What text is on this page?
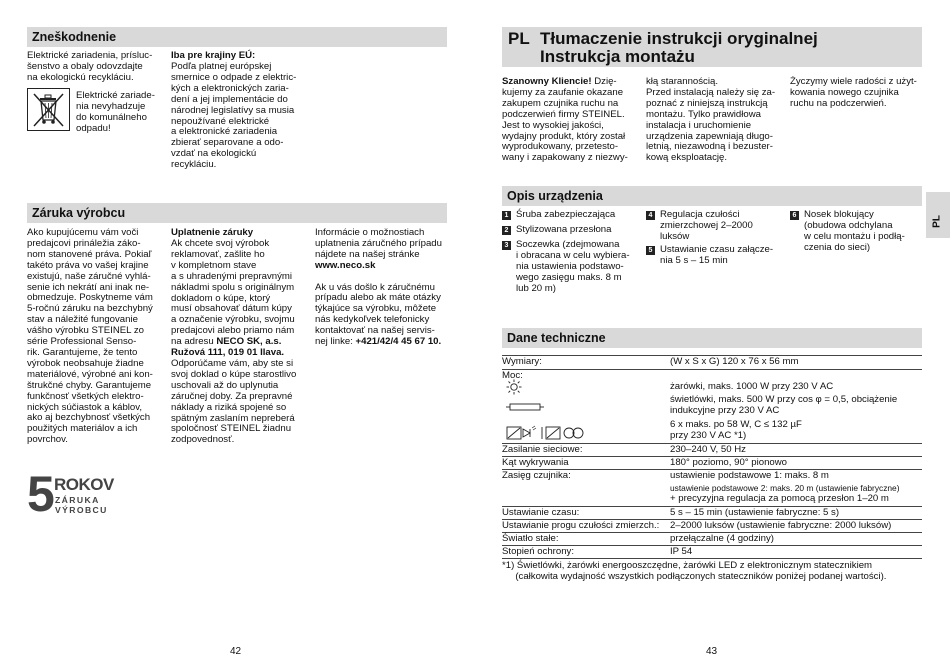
Zneškodnenie
Elektrické zariadenia, prísluc-
šenstvo a obaly odovzdajte
na ekologickú recykláciu.
Elektrické zariade-
nia nevyhadzuje
do komunálneho
odpadu!
Iba pre krajiny EÚ:
Podľa platnej európskej
smernice o odpade z elektric-
kých a elektronických zaria-
dení a jej implementácie do
národnej legislatívy sa musia
nepoužívané elektrické
a elektronické zariadenia
zbierať separovane a odo-
vzdať na ekologickú
recykláciu.
Záruka výrobcu
Ako kupujúcemu vám voči
predajcovi prináležia záko-
nom stanovené práva. Pokiaľ
takéto práva vo vašej krajine
existujú, naše záručné vyhlá-
senie ich nekrátí ani inak ne-
obmedzuje. Poskytneme vám
5-ročnú záruku na bezchybný
stav a náležité fungovanie
vášho výrobku STEINEL zo
série Professional Senso-
rik. Garantujeme, že tento
výrobok neobsahuje žiadne
materiálové, výrobné ani kon-
štrukčné chyby. Garantujeme
funkčnosť všetkých elektro-
nických súčiastok a káblov,
ako aj bezchybnosť všetkých
použitých materiálov a ich
povrchov.
Uplatnenie záruky
Ak chcete svoj výrobok
reklamovať, zašlite ho
v kompletnom stave
a s uhradenými prepravnými
nákladmi spolu s originálnym
dokladom o kúpe, ktorý
musí obsahovať dátum kúpy
a označenie výrobku, svojmu
predajcovi alebo priamo nám
na adresu NECO SK, a.s.
Ružová 111, 019 01 Ilava.
Odporúčame vám, aby ste si
svoj doklad o kúpe starostlivo
uschovali až do uplynutia
záručnej doby. Za prepravné
náklady a riziká spojené so
spätným zaslaním nepreberá
spoločnosť STEINEL žiadnu
zodpovednosť.
Informácie o možnostiach
uplatnenia záručného prípadu
nájdete na našej stránke
www.neco.sk

Ak u vás došlo k záručnému
prípadu alebo ak máte otázky
týkajúce sa výrobku, môžete
nás kedykoľvek telefonicky
kontaktovať na našej servis-
nej linke: +421/42/4 45 67 10.
5 ROKOV
ZÁRUKA
VÝROBCU
42
PL Tłumaczenie instrukcji oryginalnej
Instrukcja montażu
Szanowny Kliencie! Dzię-
kujemy za zaufanie okazane
zakupem czujnika ruchu na
podczerwień firmy STEINEL.
Jest to wysokiej jakości,
wydajny produkt, który został
wyprodukowany, przetesto-
wany i zapakowany z niezwy-
kłą starannością.
Przed instalacją należy się za-
poznać z niniejszą instrukcją
montażu. Tylko prawidłowa
instalacja i uruchomienie
urządzenia zapewniają długo-
letnią, niezawodną i bezuster-
kową eksploatację.
Życzymy wiele radości z użyt-
kowania nowego czujnika
ruchu na podczerwień.
Opis urządzenia
1 Śruba zabezpieczająca
2 Stylizowana przesłona
3 Soczewka (zdejmowana
i obracana w celu wybiera-
nia ustawienia podstawo-
wego zasięgu maks. 8 m
lub 20 m)
4 Regulacja czułości
zmierzchowej 2–2000
luksów
5 Ustawianie czasu załącze-
nia 5 s – 15 min
6 Nosek blokujący
(obudowa odchylana
w celu montażu i podłą-
czenia do sieci)
Dane techniczne
Wymiary:	(W x S x G) 120 x 76 x 56 mm
Moc:
żarówki, maks. 1000 W przy 230 V AC
świetlówki, maks. 500 W przy cos φ = 0,5, obciążenie
indukcyjne przy 230 V AC
6 x maks. po 58 W, C ≤ 132 µF
przy 230 V AC *1)
Zasilanie sieciowe:	230–240 V, 50 Hz
Kąt wykrywania	180° poziomo, 90° pionowo
Zasięg czujnika:	ustawienie podstawowe 1: maks. 8 m
ustawienie podstawowe 2: maks. 20 m (ustawienie fabryczne)
+ precyzyjna regulacja za pomocą przesłon 1–20 m
Ustawianie czasu:	5 s – 15 min (ustawienie fabryczne: 5 s)
Ustawianie progu czułości zmierzch.: 2–2000 luksów (ustawienie fabryczne: 2000 luksów)
Światło stałe:	przełączalne (4 godziny)
Stopień ochrony:	IP 54
*1) Świetlówki, żarówki energooszczędne, żarówki LED z elektronicznym statecznikiem
(całkowita wydajność wszystkich podłączonych stateczników poniżej podanej wartości).
PL
43
